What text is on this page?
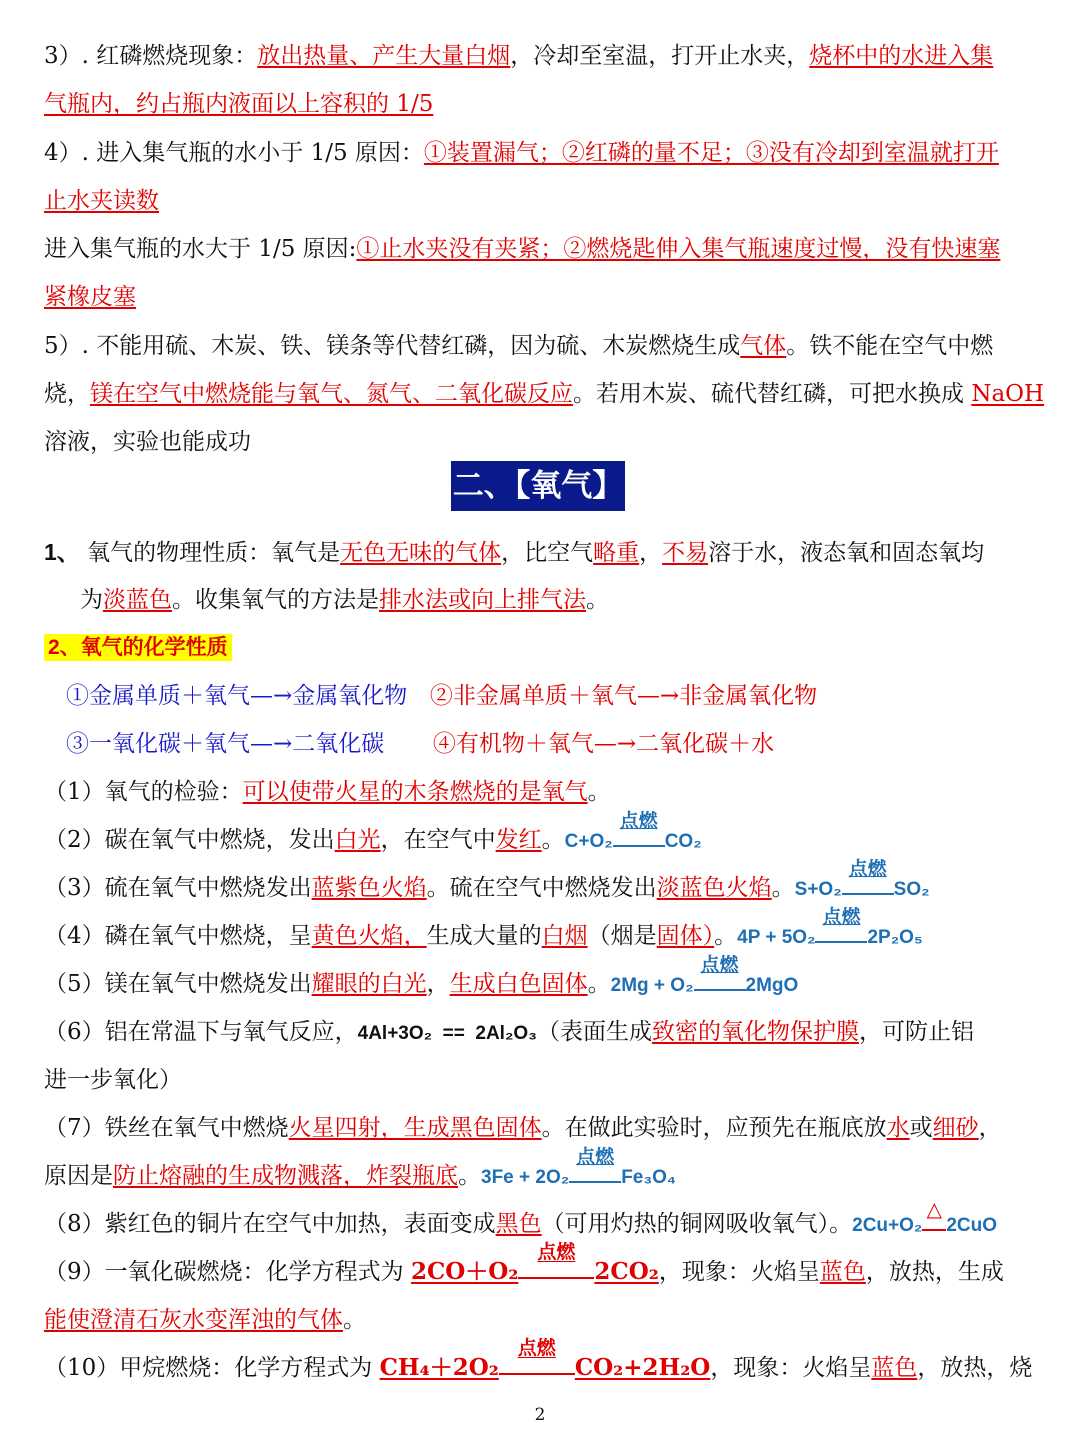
3）. 红磷燃烧现象：放出热量、产生大量白烟，冷却至室温，打开止水夹，烧杯中的水进入集
气瓶内，约占瓶内液面以上容积的 1/5
4）. 进入集气瓶的水小于 1/5 原因：①装置漏气；②红磷的量不足；③没有冷却到室温就打开
止水夹读数
进入集气瓶的水大于 1/5 原因:①止水夹没有夹紧；②燃烧匙伸入集气瓶速度过慢，没有快速塞
紧橡皮塞
5）. 不能用硫、木炭、铁、镁条等代替红磷，因为硫、木炭燃烧生成气体。铁不能在空气中燃
烧，镁在空气中燃烧能与氧气、氮气、二氧化碳反应。若用木炭、硫代替红磷，可把水换成 NaOH
溶液，实验也能成功
二、【氧气】
1、 氧气的物理性质：氧气是无色无味的气体，比空气略重，不易溶于水，液态氧和固态氧均
为淡蓝色。收集氧气的方法是排水法或向上排气法。
2、氧气的化学性质
①金属单质＋氧气—→金属氧化物 ②非金属单质＋氧气—→非金属氧化物
③一氧化碳＋氧气—→二氧化碳 ④有机物＋氧气—→二氧化碳＋水
（1）氧气的检验：可以使带火星的木条燃烧的是氧气。
（2）碳在氧气中燃烧，发出白光，在空气中发红。C+O₂
点燃
CO₂
（3）硫在氧气中燃烧发出蓝紫色火焰。硫在空气中燃烧发出淡蓝色火焰。S+O₂
点燃
SO₂
（4）磷在氧气中燃烧，呈黄色火焰，生成大量的白烟（烟是固体）。4P + 5O₂
点燃
2P₂O₅
（5）镁在氧气中燃烧发出耀眼的白光，生成白色固体。2Mg + O₂
点燃
2MgO
（6）铝在常温下与氧气反应，4Al+3O₂  ==  2Al₂O₃（表面生成致密的氧化物保护膜，可防止铝
进一步氧化）
（7）铁丝在氧气中燃烧火星四射，生成黑色固体。在做此实验时，应预先在瓶底放水或细砂，
原因是防止熔融的生成物溅落，炸裂瓶底。3Fe + 2O₂
点燃
Fe₃O₄
（8）紫红色的铜片在空气中加热，表面变成黑色（可用灼热的铜网吸收氧气）。2Cu+O₂
△
2CuO
（9）一氧化碳燃烧：化学方程式为 2CO＋O₂
点燃
2CO₂，现象：火焰呈蓝色，放热，生成
能使澄清石灰水变浑浊的气体。
（10）甲烷燃烧：化学方程式为 CH₄＋2O₂
点燃
CO₂+2H₂O，现象：火焰呈蓝色，放热，烧
2
